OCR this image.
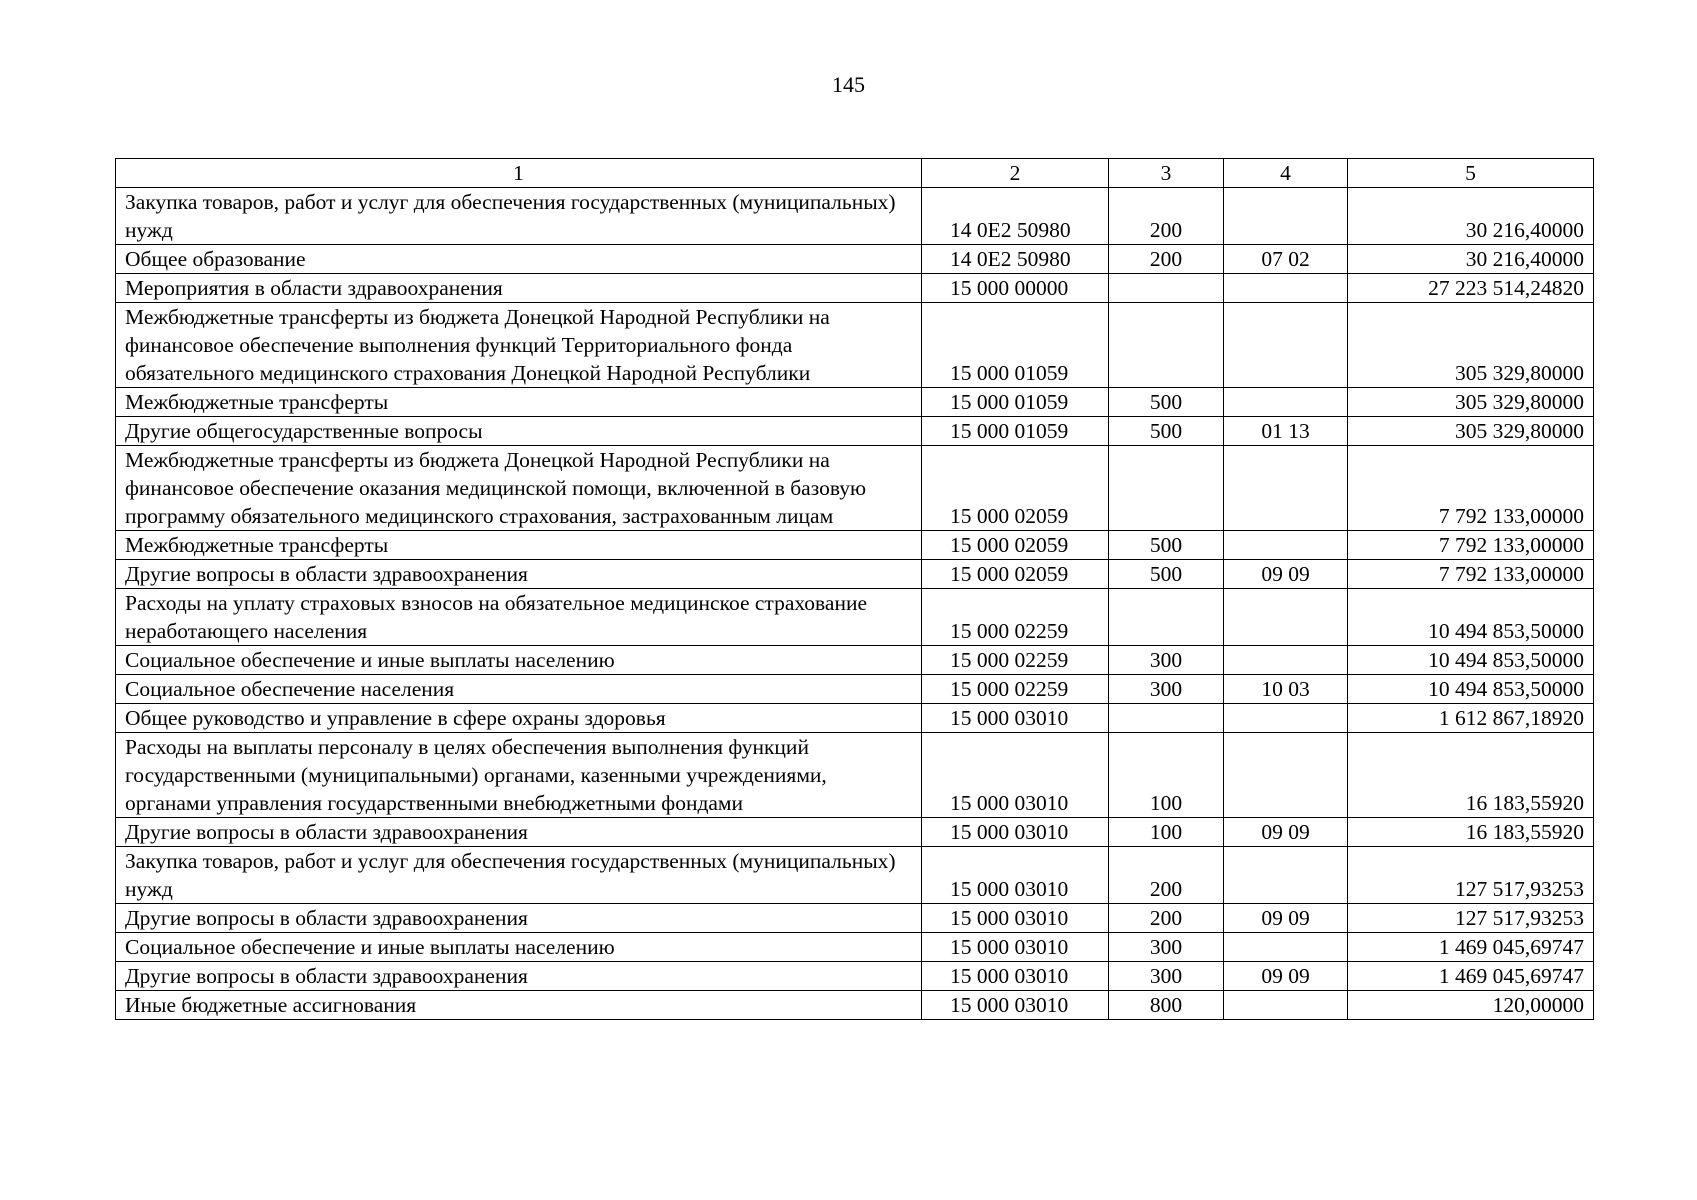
145
1	2	3	4	5
Закупка товаров, работ и услуг для обеспечения государственных (муниципальных) нужд	14 0E2 50980	200		30 216,40000
Общее образование	14 0E2 50980	200	07 02	30 216,40000
Мероприятия в области здравоохранения	15 000 00000			27 223 514,24820
Межбюджетные трансферты из бюджета Донецкой Народной Республики на финансовое обеспечение выполнения функций Территориального фонда обязательного медицинского страхования Донецкой Народной Республики	15 000 01059			305 329,80000
Межбюджетные трансферты	15 000 01059	500		305 329,80000
Другие общегосударственные вопросы	15 000 01059	500	01 13	305 329,80000
Межбюджетные трансферты из бюджета Донецкой Народной Республики на финансовое обеспечение оказания медицинской помощи, включенной в базовую программу обязательного медицинского страхования, застрахованным лицам	15 000 02059			7 792 133,00000
Межбюджетные трансферты	15 000 02059	500		7 792 133,00000
Другие вопросы в области здравоохранения	15 000 02059	500	09 09	7 792 133,00000
Расходы на уплату страховых взносов на обязательное медицинское страхование неработающего населения	15 000 02259			10 494 853,50000
Социальное обеспечение и иные выплаты населению	15 000 02259	300		10 494 853,50000
Социальное обеспечение населения	15 000 02259	300	10 03	10 494 853,50000
Общее руководство и управление в сфере охраны здоровья	15 000 03010			1 612 867,18920
Расходы на выплаты персоналу в целях обеспечения выполнения функций государственными (муниципальными) органами, казенными учреждениями, органами управления государственными внебюджетными фондами	15 000 03010	100		16 183,55920
Другие вопросы в области здравоохранения	15 000 03010	100	09 09	16 183,55920
Закупка товаров, работ и услуг для обеспечения государственных (муниципальных) нужд	15 000 03010	200		127 517,93253
Другие вопросы в области здравоохранения	15 000 03010	200	09 09	127 517,93253
Социальное обеспечение и иные выплаты населению	15 000 03010	300		1 469 045,69747
Другие вопросы в области здравоохранения	15 000 03010	300	09 09	1 469 045,69747
Иные бюджетные ассигнования	15 000 03010	800		120,00000
